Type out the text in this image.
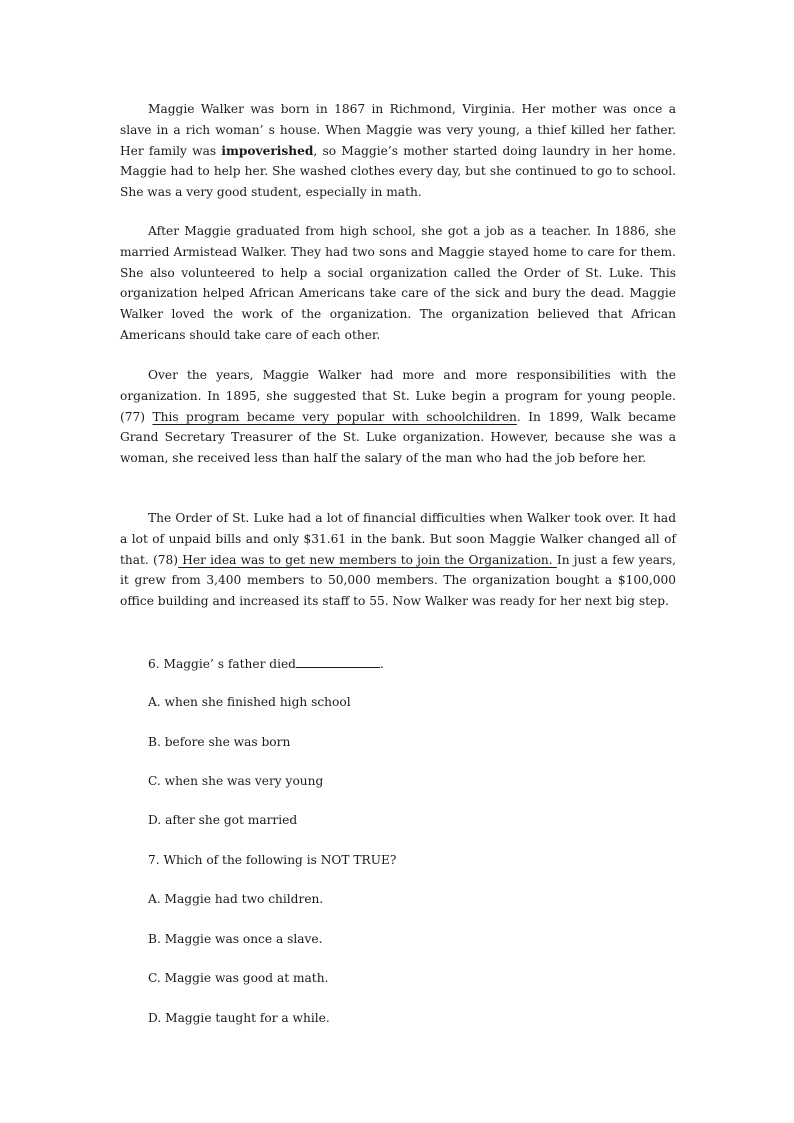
Maggie Walker was born in 1867 in Richmond, Virginia. Her mother was once a slave in a rich woman’ s house. When Maggie was very young, a thief killed her father. Her family was impoverished, so Maggie’s mother started doing laundry in her home. Maggie had to help her. She washed clothes every day, but she continued to go to school. She was a very good student, especially in math.

After Maggie graduated from high school, she got a job as a teacher. In 1886, she married Armistead Walker. They had two sons and Maggie stayed home to care for them. She also volunteered to help a social organization called the Order of St. Luke. This organization helped African Americans take care of the sick and bury the dead. Maggie Walker loved the work of the organization. The organization believed that African Americans should take care of each other.

Over the years, Maggie Walker had more and more responsibilities with the organization. In 1895, she suggested that St. Luke begin a program for young people. (77) This program became very popular with schoolchildren. In 1899, Walk became Grand Secretary Treasurer of the St. Luke organization. However, because she was a woman, she received less than half the salary of the man who had the job before her.

The Order of St. Luke had a lot of financial difficulties when Walker took over. It had a lot of unpaid bills and only $31.61 in the bank. But soon Maggie Walker changed all of that. (78) Her idea was to get new members to join the Organization. In just a few years, it grew from 3,400 members to 50,000 members. The organization bought a $100,000 office building and increased its staff to 55. Now Walker was ready for her next big step.

6. Maggie’ s father died	.

A. when she finished high school

B. before she was born

C. when she was very young

D. after she got married

7. Which of the following is NOT TRUE?

A. Maggie had two children.

B. Maggie was once a slave.

C. Maggie was good at math.

D. Maggie taught for a while.
